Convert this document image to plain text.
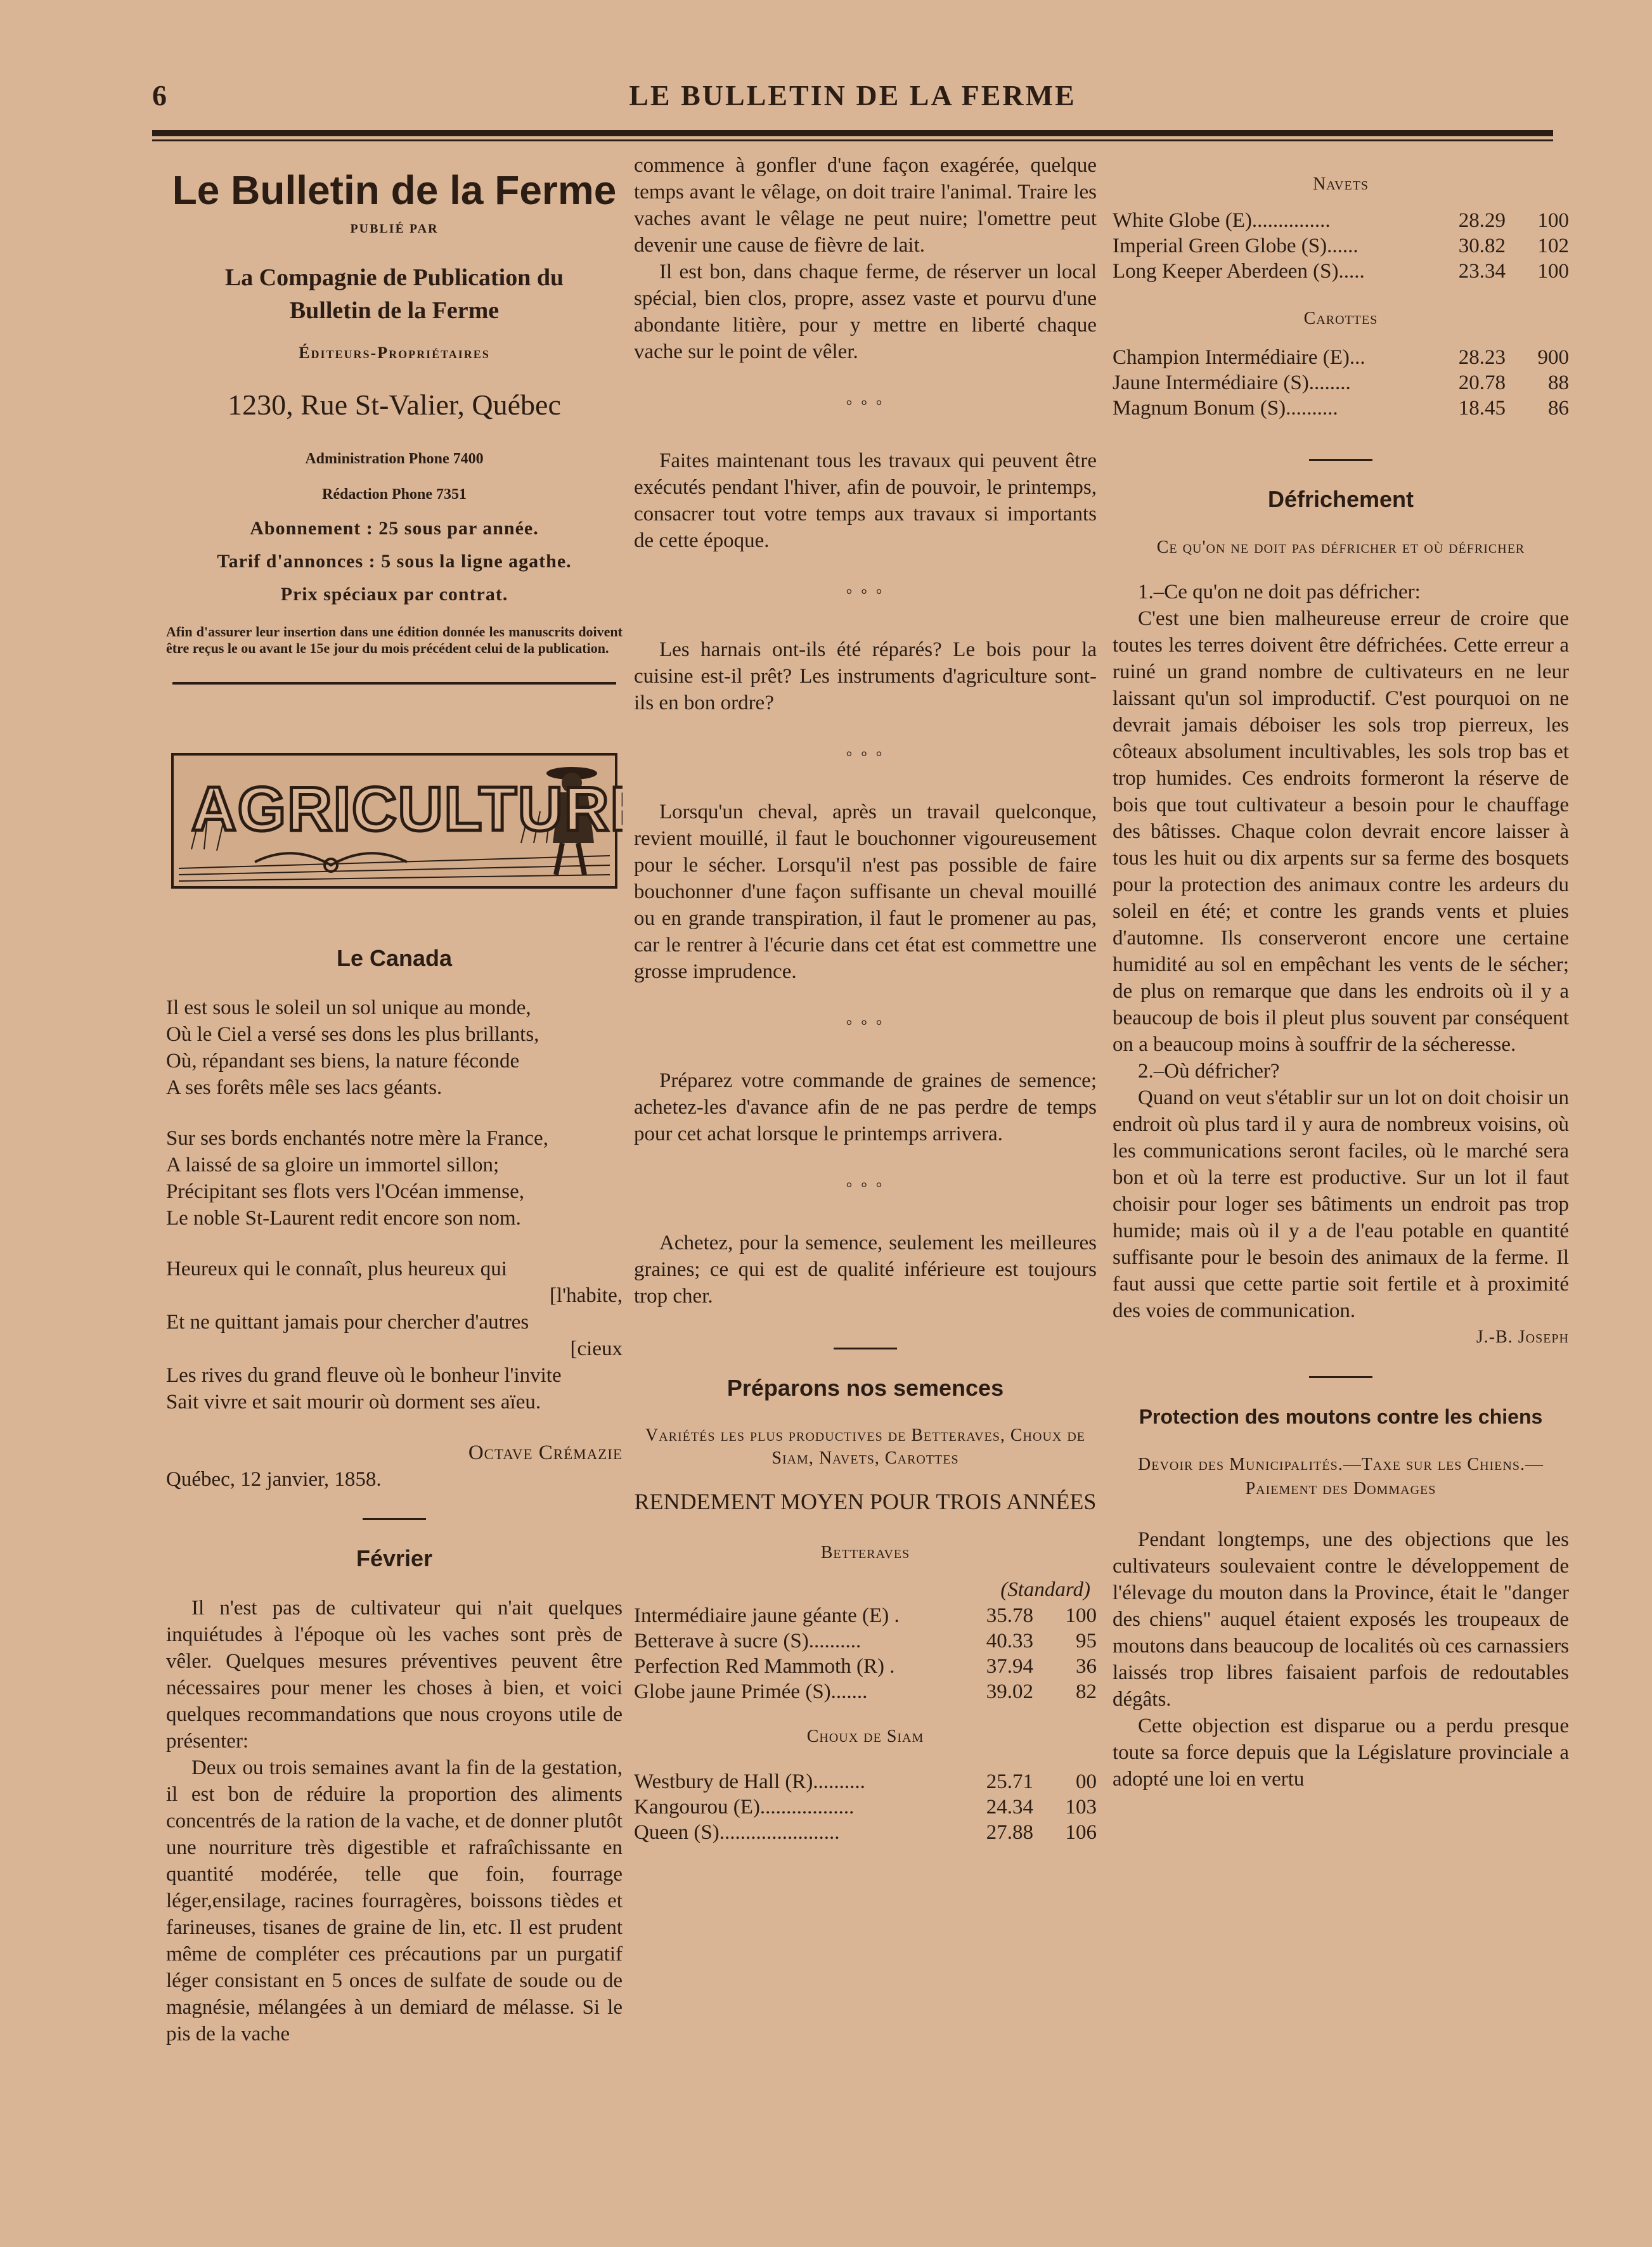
6	LE BULLETIN DE LA FERME
Le Bulletin de la Ferme
PUBLIÉ PAR
La Compagnie de Publication du
Bulletin de la Ferme
Éditeurs-Propriétaires
1230, Rue St-Valier, Québec
Administration Phone 7400
Rédaction Phone 7351
Abonnement : 25 sous par année.
Tarif d'annonces : 5 sous la ligne agathe.
Prix spéciaux par contrat.
Afin d'assurer leur insertion dans une édition donnée les manuscrits doivent être reçus le ou avant le 15e jour du mois précédent celui de la publication.
AGRICULTURE
Le Canada

Il est sous le soleil un sol unique au monde,

Où le Ciel a versé ses dons les plus brillants,

Où, répandant ses biens, la nature féconde

A ses forêts mêle ses lacs géants.

Sur ses bords enchantés notre mère la France,

A laissé de sa gloire un immortel sillon;

Précipitant ses flots vers l'Océan immense,

Le noble St-Laurent redit encore son nom.

Heureux qui le connaît, plus heureux qui

[l'habite,

Et ne quittant jamais pour chercher d'autres

[cieux

Les rives du grand fleuve où le bonheur l'invite

Sait vivre et sait mourir où dorment ses aïeu.

Octave Crémazie

Québec, 12 janvier, 1858.

Février

Il n'est pas de cultivateur qui n'ait quelques inquiétudes à l'époque où les vaches sont près de vêler. Quelques mesures préventives peuvent être nécessaires pour mener les choses à bien, et voici quelques recommandations que nous croyons utile de présenter:

Deux ou trois semaines avant la fin de la gestation, il est bon de réduire la proportion des aliments concentrés de la ration de la vache, et de donner plutôt une nourriture très digestible et rafraîchissante en quantité modérée, telle que foin, fourrage léger,ensilage, racines fourragères, boissons tièdes et farineuses, tisanes de graine de lin, etc. Il est prudent même de compléter ces précautions par un purgatif léger consistant en 5 onces de sulfate de soude ou de magnésie, mélangées à un demiard de mélasse. Si le pis de la vache

commence à gonfler d'une façon exagérée, quelque temps avant le vêlage, on doit traire l'animal. Traire les vaches avant le vêlage ne peut nuire; l'omettre peut devenir une cause de fièvre de lait.

Il est bon, dans chaque ferme, de réserver un local spécial, bien clos, propre, assez vaste et pourvu d'une abondante litière, pour y mettre en liberté chaque vache sur le point de vêler.

° ° °

Faites maintenant tous les travaux qui peuvent être exécutés pendant l'hiver, afin de pouvoir, le printemps, consacrer tout votre temps aux travaux si importants de cette époque.

° ° °

Les harnais ont-ils été réparés? Le bois pour la cuisine est-il prêt? Les instruments d'agriculture sont-ils en bon ordre?

° ° °

Lorsqu'un cheval, après un travail quelconque, revient mouillé, il faut le bouchonner vigoureusement pour le sécher. Lorsqu'il n'est pas possible de faire bouchonner d'une façon suffisante un cheval mouillé ou en grande transpiration, il faut le promener au pas, car le rentrer à l'écurie dans cet état est commettre une grosse imprudence.

° ° °

Préparez votre commande de graines de semence; achetez-les d'avance afin de ne pas perdre de temps pour cet achat lorsque le printemps arrivera.

° ° °

Achetez, pour la semence, seulement les meilleures graines; ce qui est de qualité inférieure est toujours trop cher.

Préparons nos semences

Variétés les plus productives de Betteraves, Choux de Siam, Navets, Carottes

RENDEMENT MOYEN POUR TROIS ANNÉES
Betteraves

(Standard)

Intermédiaire jaune géante (E) .	35.78	100
Betterave à sucre (S)..........	40.33	95
Perfection Red Mammoth (R) .	37.94	36
Globe jaune Primée (S).......	39.02	82
Choux de Siam
Westbury de Hall (R)..........	25.71	00
Kangourou (E)..................	24.34	103
Queen (S).......................	27.88	106
Navets
White Globe (E)...............	28.29	100
Imperial Green Globe (S)......	30.82	102
Long Keeper Aberdeen (S).....	23.34	100
Carottes
Champion Intermédiaire (E)...	28.23	900
Jaune Intermédiaire (S)........	20.78	88
Magnum Bonum (S)..........	18.45	86
Défrichement

Ce qu'on ne doit pas défricher et où défricher

1.–Ce qu'on ne doit pas défricher:

C'est une bien malheureuse erreur de croire que toutes les terres doivent être défrichées. Cette erreur a ruiné un grand nombre de cultivateurs en ne leur laissant qu'un sol improductif. C'est pourquoi on ne devrait jamais déboiser les sols trop pierreux, les côteaux absolument incultivables, les sols trop bas et trop humides. Ces endroits formeront la réserve de bois que tout cultivateur a besoin pour le chauffage des bâtisses. Chaque colon devrait encore laisser à tous les huit ou dix arpents sur sa ferme des bosquets pour la protection des animaux contre les ardeurs du soleil en été; et contre les grands vents et pluies d'automne. Ils conserveront encore une certaine humidité au sol en empêchant les vents de le sécher; de plus on remarque que dans les endroits où il y a beaucoup de bois il pleut plus souvent par conséquent on a beaucoup moins à souffrir de la sécheresse.

2.–Où défricher?

Quand on veut s'établir sur un lot on doit choisir un endroit où plus tard il y aura de nombreux voisins, où les communications seront faciles, où le marché sera bon et où la terre est productive. Sur un lot il faut choisir pour loger ses bâtiments un endroit pas trop humide; mais où il y a de l'eau potable en quantité suffisante pour le besoin des animaux de la ferme. Il faut aussi que cette partie soit fertile et à proximité des voies de communication.

J.-B. Joseph

Protection des moutons contre les chiens

Devoir des Municipalités.—Taxe sur les Chiens.—Paiement des Dommages

Pendant longtemps, une des objections que les cultivateurs soulevaient contre le développement de l'élevage du mouton dans la Province, était le "danger des chiens" auquel étaient exposés les troupeaux de moutons dans beaucoup de localités où ces carnassiers laissés trop libres faisaient parfois de redoutables dégâts.

Cette objection est disparue ou a perdu presque toute sa force depuis que la Législature provinciale a adopté une loi en vertu
